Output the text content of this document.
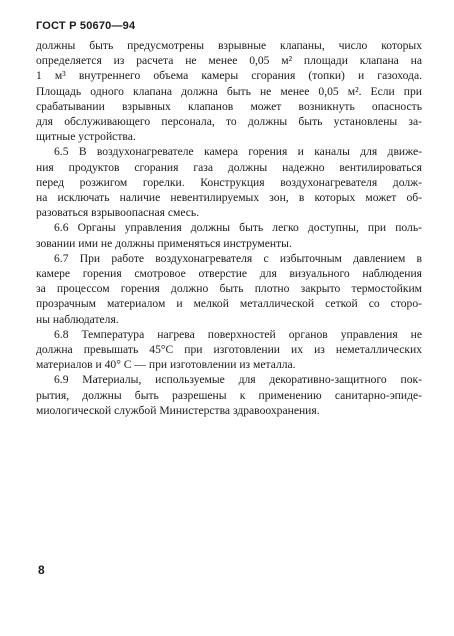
ГОСТ Р 50670—94
должны быть предусмотрены взрывные клапаны, число которых
определяется из расчета не менее 0,05 м² площади клапана на
1 м³ внутреннего объема камеры сгорания (топки) и газохода.
Площадь одного клапана должна быть не менее 0,05 м². Если при
срабатывании взрывных клапанов может возникнуть опасность
для обслуживающего персонала, то должны быть установлены за-
щитные устройства.
6.5 В воздухонагревателе камера горения и каналы для движе-
ния продуктов сгорания газа должны надежно вентилироваться
перед розжигом горелки. Конструкция воздухонагревателя долж-
на исключать наличие невентилируемых зон, в которых может об-
разоваться взрывоопасная смесь.
6.6 Органы управления должны быть легко доступны, при поль-
зовании ими не должны применяться инструменты.
6.7 При работе воздухонагревателя с избыточным давлением в
камере горения смотровое отверстие для визуального наблюдения
за процессом горения должно быть плотно закрыто термостойким
прозрачным материалом и мелкой металлической сеткой со сторо-
ны наблюдателя.
6.8 Температура нагрева поверхностей органов управления не
должна превышать 45°С при изготовлении их из неметаллических
материалов и 40° С — при изготовлении из металла.
6.9 Материалы, используемые для декоративно-защитного пок-
рытия, должны быть разрешены к применению санитарно-эпиде-
миологической службой Министерства здравоохранения.
8
